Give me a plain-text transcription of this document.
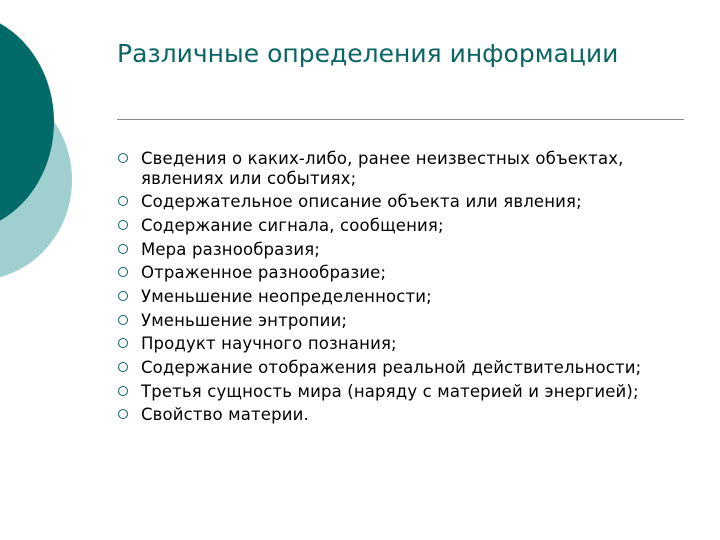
Различные определения информации
Сведения о каких-либо, ранее неизвестных объектах, явлениях или событиях;
Содержательное описание объекта или явления;
Содержание сигнала, сообщения;
Мера разнообразия;
Отраженное разнообразие;
Уменьшение неопределенности;
Уменьшение энтропии;
Продукт научного познания;
Содержание отображения реальной действительности;
Третья сущность мира (наряду с материей и энергией);
Свойство материи.
